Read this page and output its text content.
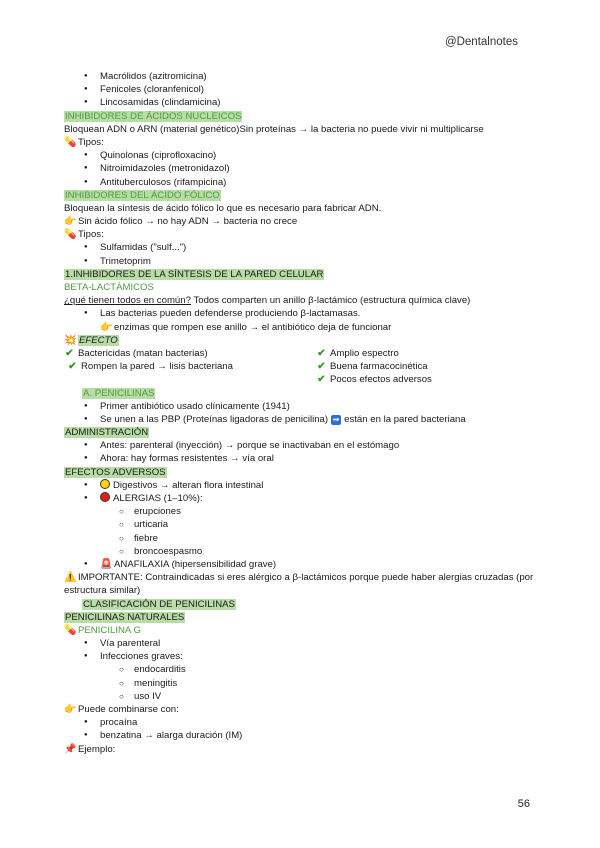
@Dentalnotes
● Macrólidos (azitromicina)
● Fenicoles (cloranfenicol)
● Lincosamidas (clindamicina)
INHIBIDORES DE ÁCIDOS NUCLEICOS
Bloquean ADN o ARN (material genético)Sin proteínas → la bacteria no puede vivir ni multiplicarse
💊 Tipos:
● Quinolonas (ciprofloxacino)
● Nitroimidazoles (metronidazol)
● Antituberculosos (rifampicina)
INHIBIDORES DEL ÁCIDO FÓLICO
Bloquean la síntesis de ácido fólico lo que es necesario para fabricar ADN.
👉 Sin ácido fólico → no hay ADN → bacteria no crece
💊 Tipos:
● Sulfamidas ("sulf...")
● Trimetoprim
1.INHIBIDORES DE LA SÍNTESIS DE LA PARED CELULAR
BETA-LACTÁMICOS
¿qué tienen todos en común? Todos comparten un anillo β-lactámico (estructura química clave)
● Las bacterias pueden defenderse produciendo β-lactamasas.
👉 enzimas que rompen ese anillo → el antibiótico deja de funcionar
💥 EFECTO
✔ Bactericidas (matan bacterias)
✔ Rompen la pared → lisis bacteriana
✔ Amplio espectro
✔ Buena farmacocinética
✔ Pocos efectos adversos
A. PENICILINAS
● Primer antibiótico usado clínicamente (1941)
● Se unen a las PBP (Proteínas ligadoras de penicilina) ➡ están en la pared bacteriana
ADMINISTRACIÓN
● Antes: parenteral (inyección) → porque se inactivaban en el estómago
● Ahora: hay formas resistentes → vía oral
EFECTOS ADVERSOS
● Digestivos → alteran flora intestinal
● ALERGIAS (1–10%):
○ erupciones
○ urticaria
○ fiebre
○ broncoespasmo
● 🚨 ANAFILAXIA (hipersensibilidad grave)
⚠️ IMPORTANTE: Contraindicadas si eres alérgico a β-lactámicos porque puede haber alergias cruzadas (por estructura similar)
CLASIFICACIÓN DE PENICILINAS
PENICILINAS NATURALES
💊 PENICILINA G
● Vía parenteral
● Infecciones graves:
○ endocarditis
○ meningitis
○ uso IV
👉 Puede combinarse con:
● procaína
● benzatina → alarga duración (IM)
📌 Ejemplo:
56
